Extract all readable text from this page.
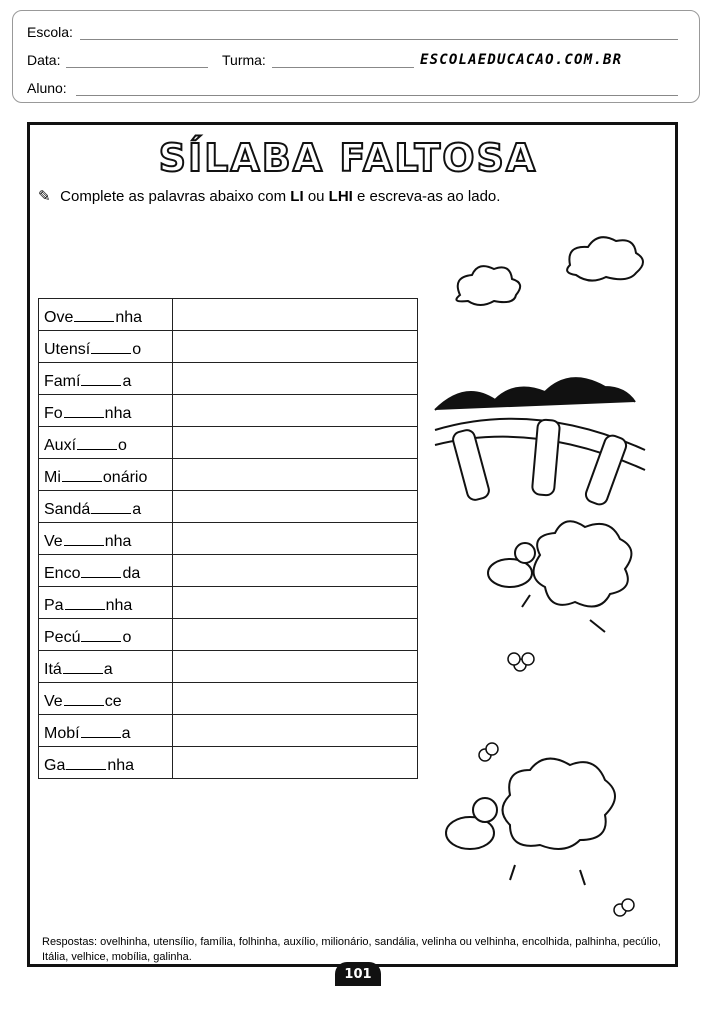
Escola:
Data:	Turma:	ESCOLAEDUCACAO.COM.BR
Aluno:
SÍLABA FALTOSA
✎ Complete as palavras abaixo com LI ou LHI e escreva-as ao lado.
Ove nha	
Utensí o	
Famí a	
Fo nha	
Auxí o	
Mi onário	
Sandá a	
Ve nha	
Enco da	
Pa nha	
Pecú o	
Itá a	
Ve ce	
Mobí a	
Ga nha	
Respostas: ovelhinha, utensílio, família, folhinha, auxílio, milionário, sandália, velinha ou velhinha, encolhida, palhinha, pecúlio, Itália, velhice, mobília, galinha.
101
